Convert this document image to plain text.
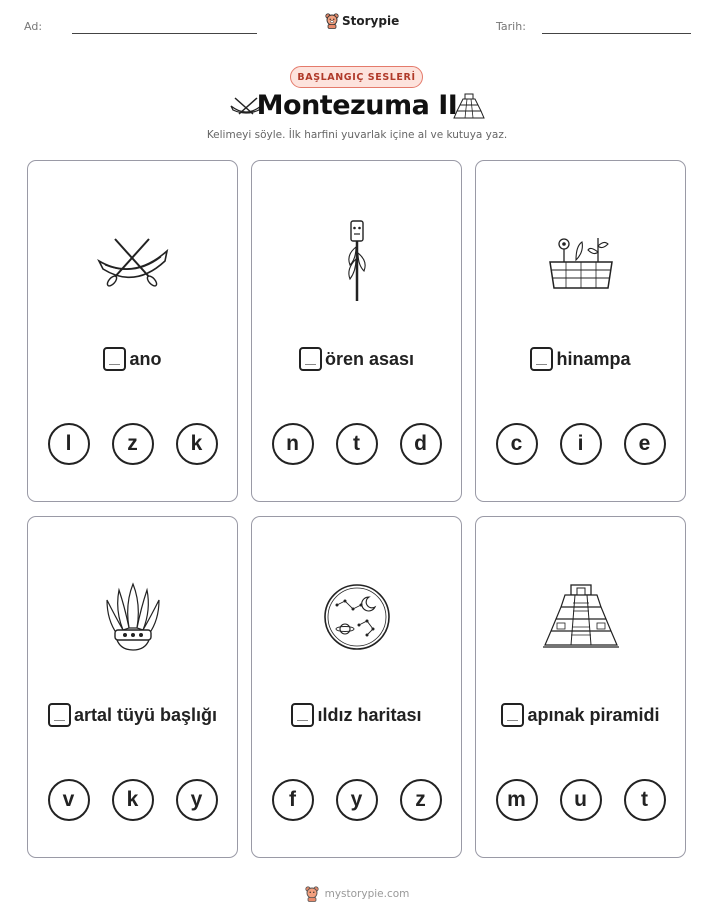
Ad:	Storypie	Tarih:
BAŞLANGIÇ SESLERİ
Montezuma II
Kelimeyi söyle. İlk harfini yuvarlak içine al ve kutuya yaz.
ano
l	z	k
ören asası
n	t	d
hinampa
c	i	e
artal tüyü başlığı
v	k	y
ıldız haritası
f	y	z
apınak piramidi
m	u	t
mystorypie.com
